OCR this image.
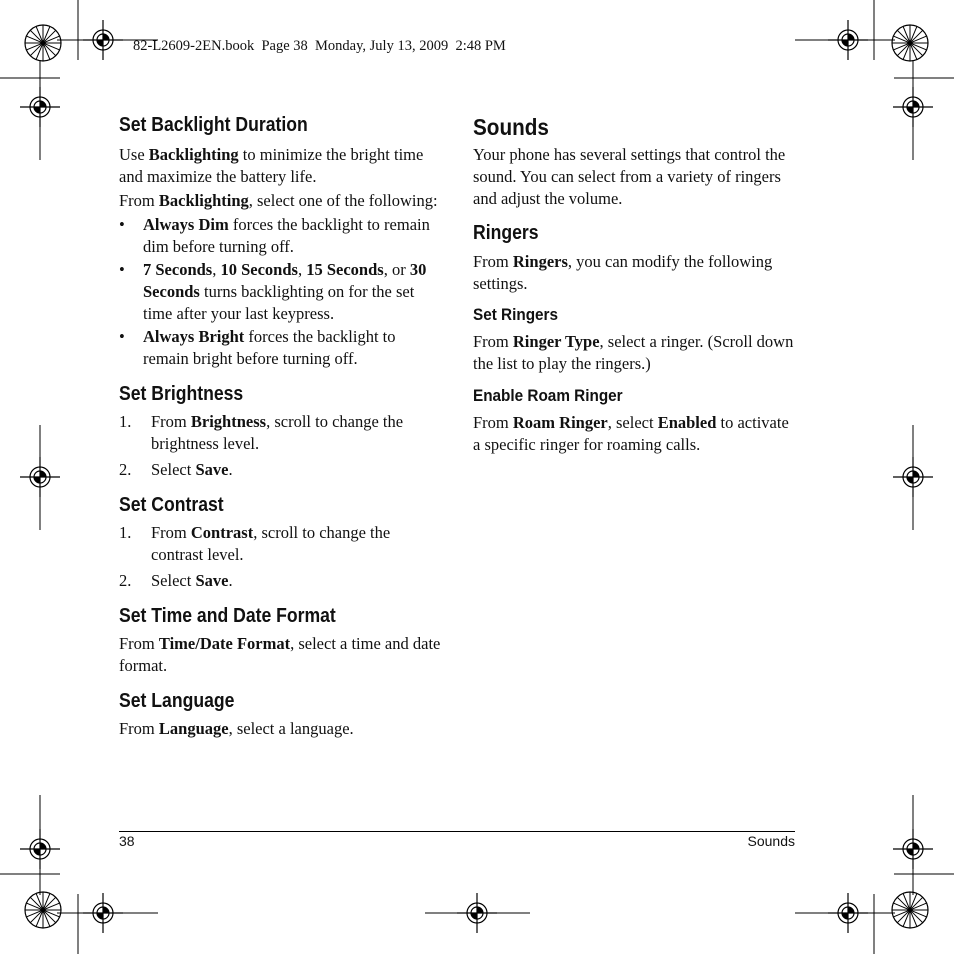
82-L2609-2EN.book  Page 38  Monday, July 13, 2009  2:48 PM
Set Backlight Duration
Use Backlighting to minimize the bright time and maximize the battery life.
From Backlighting, select one of the following:
• Always Dim forces the backlight to remain dim before turning off.
• 7 Seconds, 10 Seconds, 15 Seconds, or 30 Seconds turns backlighting on for the set time after your last keypress.
• Always Bright forces the backlight to remain bright before turning off.
Set Brightness
1. From Brightness, scroll to change the brightness level.
2. Select Save.
Set Contrast
1. From Contrast, scroll to change the contrast level.
2. Select Save.
Set Time and Date Format
From Time/Date Format, select a time and date format.
Set Language
From Language, select a language.
Sounds
Your phone has several settings that control the sound. You can select from a variety of ringers and adjust the volume.
Ringers
From Ringers, you can modify the following settings.
Set Ringers
From Ringer Type, select a ringer. (Scroll down the list to play the ringers.)
Enable Roam Ringer
From Roam Ringer, select Enabled to activate a specific ringer for roaming calls.
38	Sounds
